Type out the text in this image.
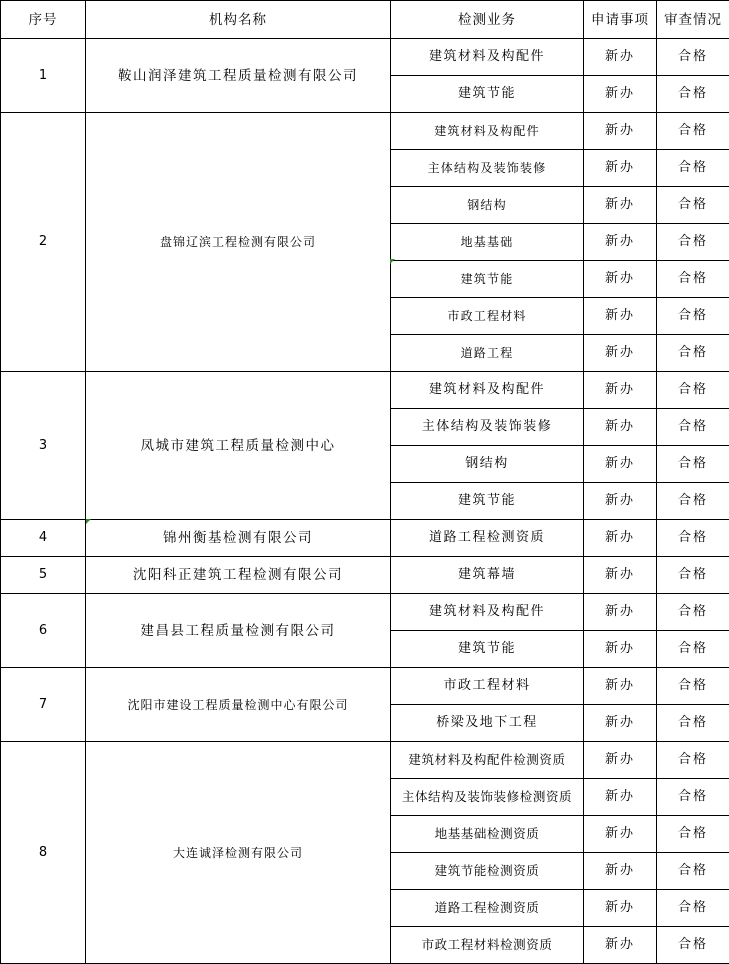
序号	机构名称	检测业务	申请事项	审查情况
1	鞍山润泽建筑工程质量检测有限公司	建筑材料及构配件	新办	合格
		建筑节能	新办	合格
2	盘锦辽滨工程检测有限公司	建筑材料及构配件	新办	合格
		主体结构及装饰装修	新办	合格
		钢结构	新办	合格
		地基基础	新办	合格
		建筑节能	新办	合格
		市政工程材料	新办	合格
		道路工程	新办	合格
3	凤城市建筑工程质量检测中心	建筑材料及构配件	新办	合格
		主体结构及装饰装修	新办	合格
		钢结构	新办	合格
		建筑节能	新办	合格
4	锦州衡基检测有限公司	道路工程检测资质	新办	合格
5	沈阳科正建筑工程检测有限公司	建筑幕墙	新办	合格
6	建昌县工程质量检测有限公司	建筑材料及构配件	新办	合格
		建筑节能	新办	合格
7	沈阳市建设工程质量检测中心有限公司	市政工程材料	新办	合格
		桥梁及地下工程	新办	合格
8	大连诚泽检测有限公司	建筑材料及构配件检测资质	新办	合格
		主体结构及装饰装修检测资质	新办	合格
		地基基础检测资质	新办	合格
		建筑节能检测资质	新办	合格
		道路工程检测资质	新办	合格
		市政工程材料检测资质	新办	合格
